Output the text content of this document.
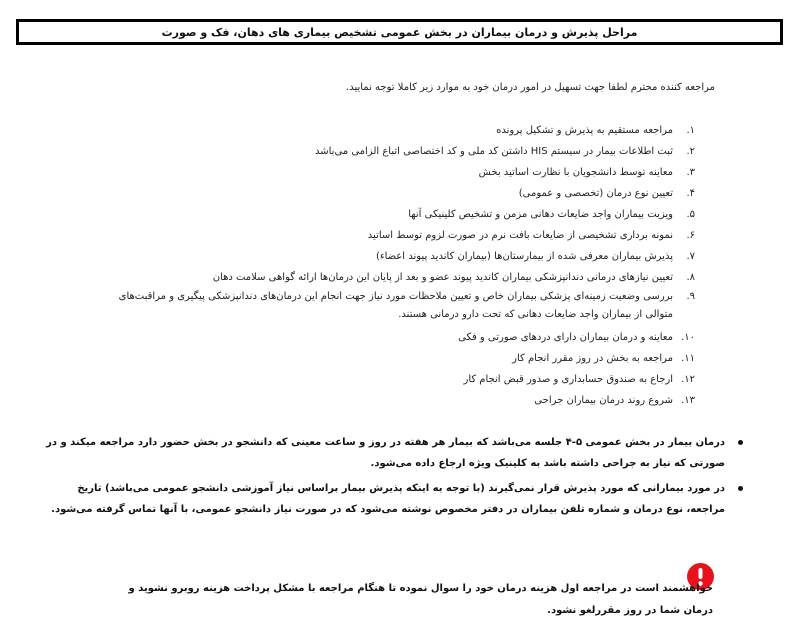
مراحل پذیرش و درمان بیماران در بخش عمومی تشخیص بیماری های دهان، فک و صورت
مراجعه کننده محترم لطفا جهت تسهیل در امور درمان خود به موارد زیر کاملا توجه نمایید.
۱.
مراجعه مستقیم به پذیرش و تشکیل پرونده
۲.
ثبت اطلاعات بیمار در سیستم HIS داشتن کد ملی و کد اختصاصی اتباع الزامی می‌باشد
۳.
معاینه توسط دانشجویان با نظارت اساتید بخش
۴.
تعیین نوع درمان (تخصصی و عمومی)
۵.
ویزیت بیماران واجد ضایعات دهانی مزمن و تشخیص کلینیکی آنها
۶.
نمونه برداری تشخیصی از ضایعات بافت نرم در صورت لزوم توسط اساتید
۷.
پذیرش بیماران معرفی شده از بیمارستان‌ها (بیماران کاندید پیوند اعضاء)
۸.
تعیین نیازهای درمانی دندانپزشکی بیماران کاندید پیوند عضو و بعد از پایان این درمان‌ها ارائه گواهی سلامت دهان
۹.
بررسی وضعیت زمینه‌ای پزشکی بیماران خاص و تعیین ملاحظات مورد نیاز جهت انجام این درمان‌های دندانپزشکی پیگیری و مراقبت‌های متوالی از بیماران واجد ضایعات دهانی که تحت دارو درمانی هستند.
۱۰.
معاینه و درمان بیماران دارای دردهای صورتی و فکی
۱۱.
مراجعه به بخش در روز مقرر انجام کار
۱۲.
ارجاع به صندوق حسابداری و صدور قبض انجام کار
۱۳.
شروع روند درمان بیماران جراحی
درمان بیمار در بخش عمومی ۵-۴ جلسه می‌باشد که بیمار هر هفته در روز و ساعت معینی که دانشجو در بخش حضور دارد مراجعه میکند و در صورتی که نیاز به جراحی داشته باشد به کلینیک ویژه ارجاع داده می‌شود.
در مورد بیمارانی که مورد پذیرش قرار نمی‌گیرند (با توجه به اینکه پذیرش بیمار براساس نیاز آموزشی دانشجو عمومی می‌باشد) تاریخ مراجعه، نوع درمان و شماره تلفن بیماران در دفتر مخصوص نوشته می‌شود که در صورت نیاز دانشجو عمومی، با آنها تماس گرفته می‌شود.
خواهشمند است در مراجعه اول هزینه درمان خود را سوال نموده تا هنگام مراجعه با مشکل پرداخت هزینه روبرو نشوید و درمان شما در روز مقررلغو نشود.
